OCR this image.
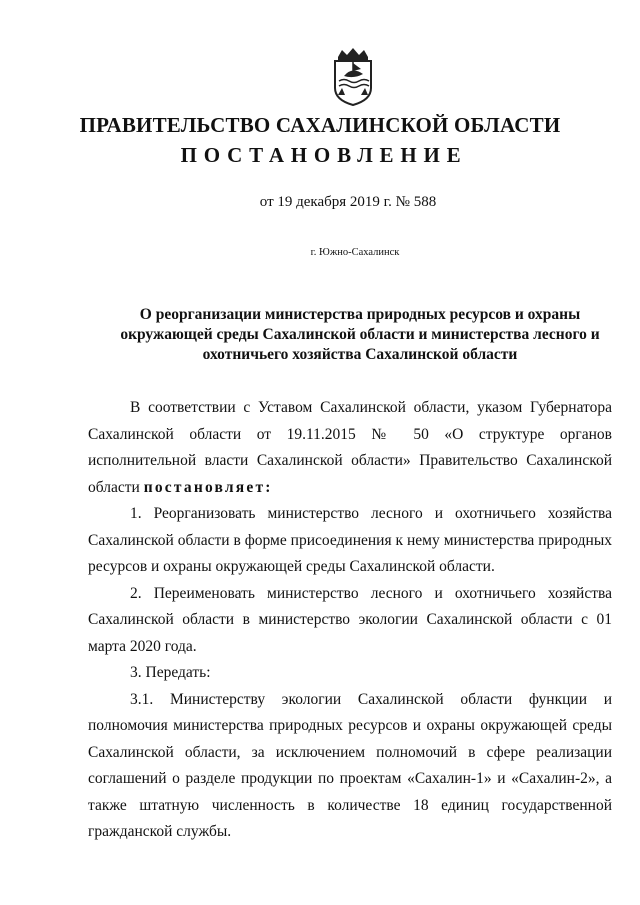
ПРАВИТЕЛЬСТВО САХАЛИНСКОЙ ОБЛАСТИ
ПОСТАНОВЛЕНИЕ
от 19 декабря 2019 г. № 588
г. Южно-Сахалинск
О реорганизации министерства природных ресурсов и охраны
окружающей среды Сахалинской области и министерства лесного и
охотничьего хозяйства Сахалинской области

В соответствии с Уставом Сахалинской области, указом Губернатора Сахалинской области от 19.11.2015 № 50 «О структуре органов исполнительной власти Сахалинской области» Правительство Сахалинской области постановляет:

1. Реорганизовать министерство лесного и охотничьего хозяйства Сахалинской области в форме присоединения к нему министерства природных ресурсов и охраны окружающей среды Сахалинской области.

2. Переименовать министерство лесного и охотничьего хозяйства Сахалинской области в министерство экологии Сахалинской области с 01 марта 2020 года.

3. Передать:

3.1. Министерству экологии Сахалинской области функции и полномочия министерства природных ресурсов и охраны окружающей среды Сахалинской области, за исключением полномочий в сфере реализации соглашений о разделе продукции по проектам «Сахалин-1» и «Сахалин-2», а также штатную численность в количестве 18 единиц государственной гражданской службы.
